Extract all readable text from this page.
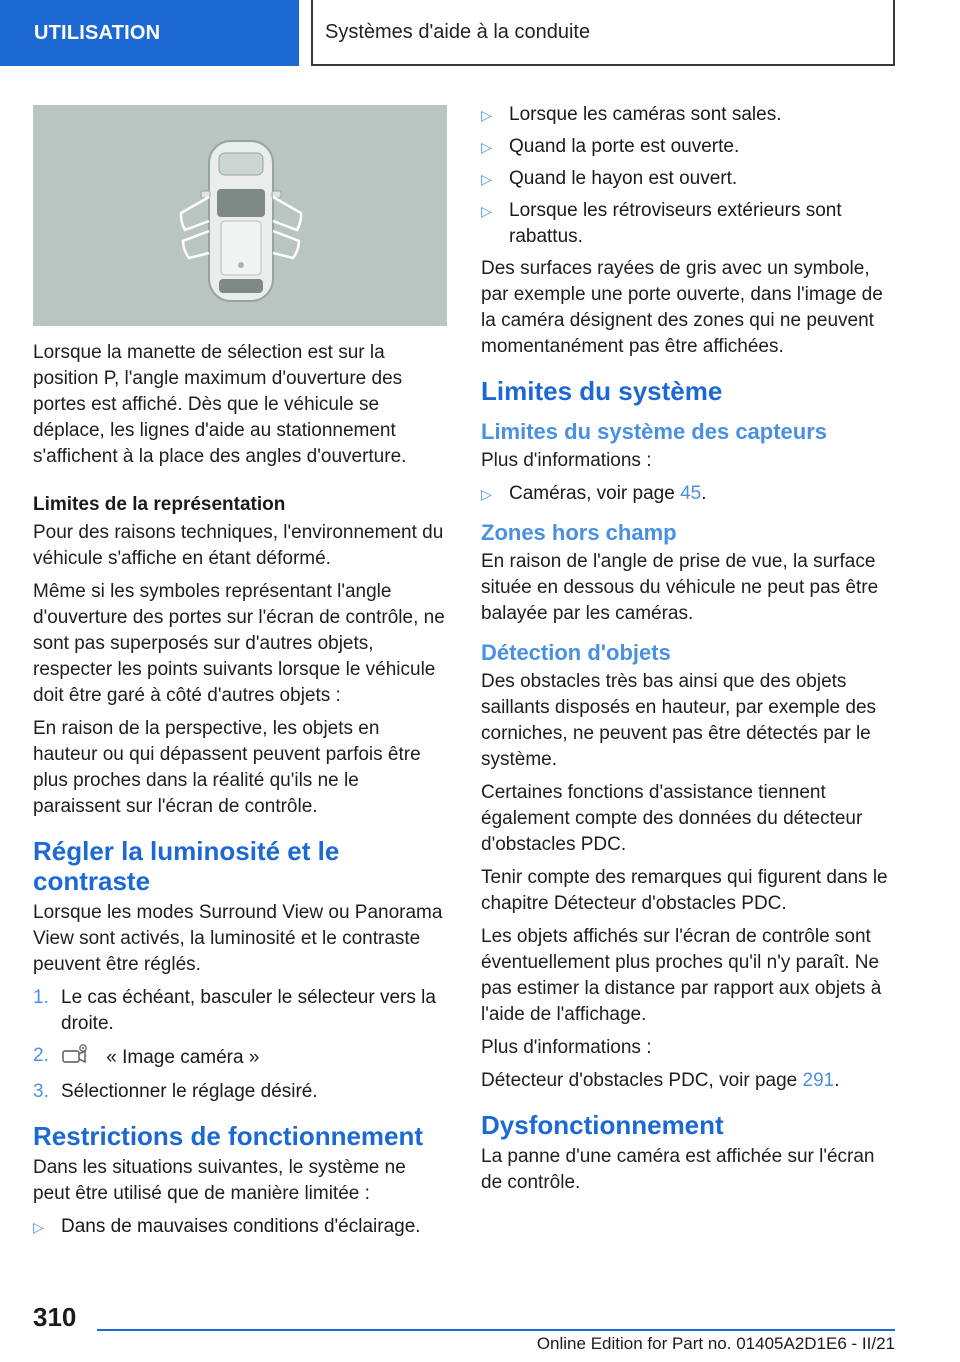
UTILISATION	Systèmes d'aide à la conduite

Lorsque la manette de sélection est sur la position P, l'angle maximum d'ouverture des portes est affiché. Dès que le véhicule se déplace, les lignes d'aide au stationnement s'affichent à la place des angles d'ouverture.

Limites de la représentation

Pour des raisons techniques, l'environnement du véhicule s'affiche en étant déformé.

Même si les symboles représentant l'angle d'ouverture des portes sur l'écran de contrôle, ne sont pas superposés sur d'autres objets, respecter les points suivants lorsque le véhicule doit être garé à côté d'autres objets :

En raison de la perspective, les objets en hauteur ou qui dépassent peuvent parfois être plus proches dans la réalité qu'ils ne le paraissent sur l'écran de contrôle.

Régler la luminosité et le contraste

Lorsque les modes Surround View ou Panorama View sont activés, la luminosité et le contraste peuvent être réglés.

1. Le cas échéant, basculer le sélecteur vers la droite.
2.	« Image caméra »
3. Sélectionner le réglage désiré.
Restrictions de fonctionnement

Dans les situations suivantes, le système ne peut être utilisé que de manière limitée :

▷ Dans de mauvaises conditions d'éclairage.
▷ Lorsque les caméras sont sales.
▷ Quand la porte est ouverte.
▷ Quand le hayon est ouvert.
▷ Lorsque les rétroviseurs extérieurs sont rabattus.

Des surfaces rayées de gris avec un symbole, par exemple une porte ouverte, dans l'image de la caméra désignent des zones qui ne peuvent momentanément pas être affichées.

Limites du système
Limites du système des capteurs

Plus d'informations :

▷ Caméras, voir page 45.
Zones hors champ

En raison de l'angle de prise de vue, la surface située en dessous du véhicule ne peut pas être balayée par les caméras.

Détection d'objets

Des obstacles très bas ainsi que des objets saillants disposés en hauteur, par exemple des corniches, ne peuvent pas être détectés par le système.

Certaines fonctions d'assistance tiennent également compte des données du détecteur d'obstacles PDC.

Tenir compte des remarques qui figurent dans le chapitre Détecteur d'obstacles PDC.

Les objets affichés sur l'écran de contrôle sont éventuellement plus proches qu'il n'y paraît. Ne pas estimer la distance par rapport aux objets à l'aide de l'affichage.

Plus d'informations :

Détecteur d'obstacles PDC, voir page 291.

Dysfonctionnement

La panne d'une caméra est affichée sur l'écran de contrôle.

310
Online Edition for Part no. 01405A2D1E6 - II/21
